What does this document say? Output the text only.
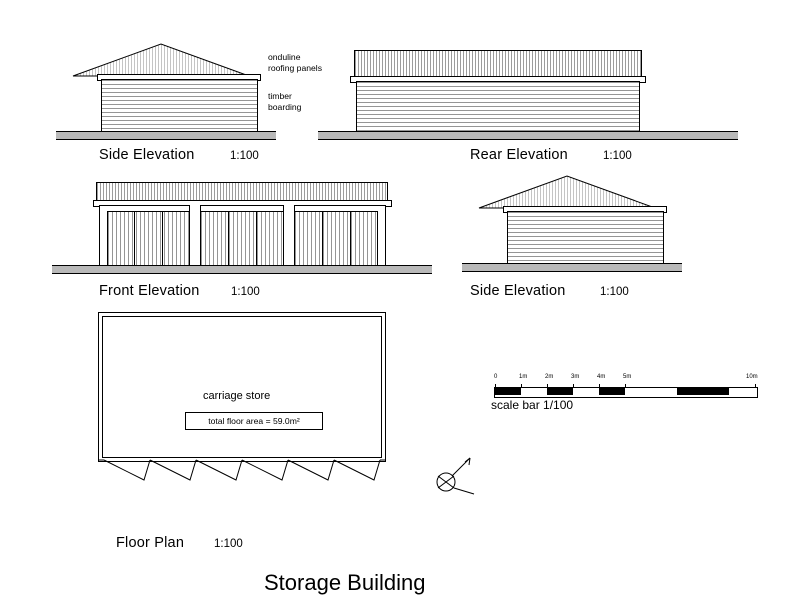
Side Elevation	1:100
onduline
roofing panels
timber
boarding
Rear Elevation	1:100
Front Elevation	1:100	Side Elevation	1:100
carriage store
total floor area = 59.0m²
Floor Plan	1:100
0	1m	2m	3m	4m	5m	10m
scale bar 1/100
Storage Building
